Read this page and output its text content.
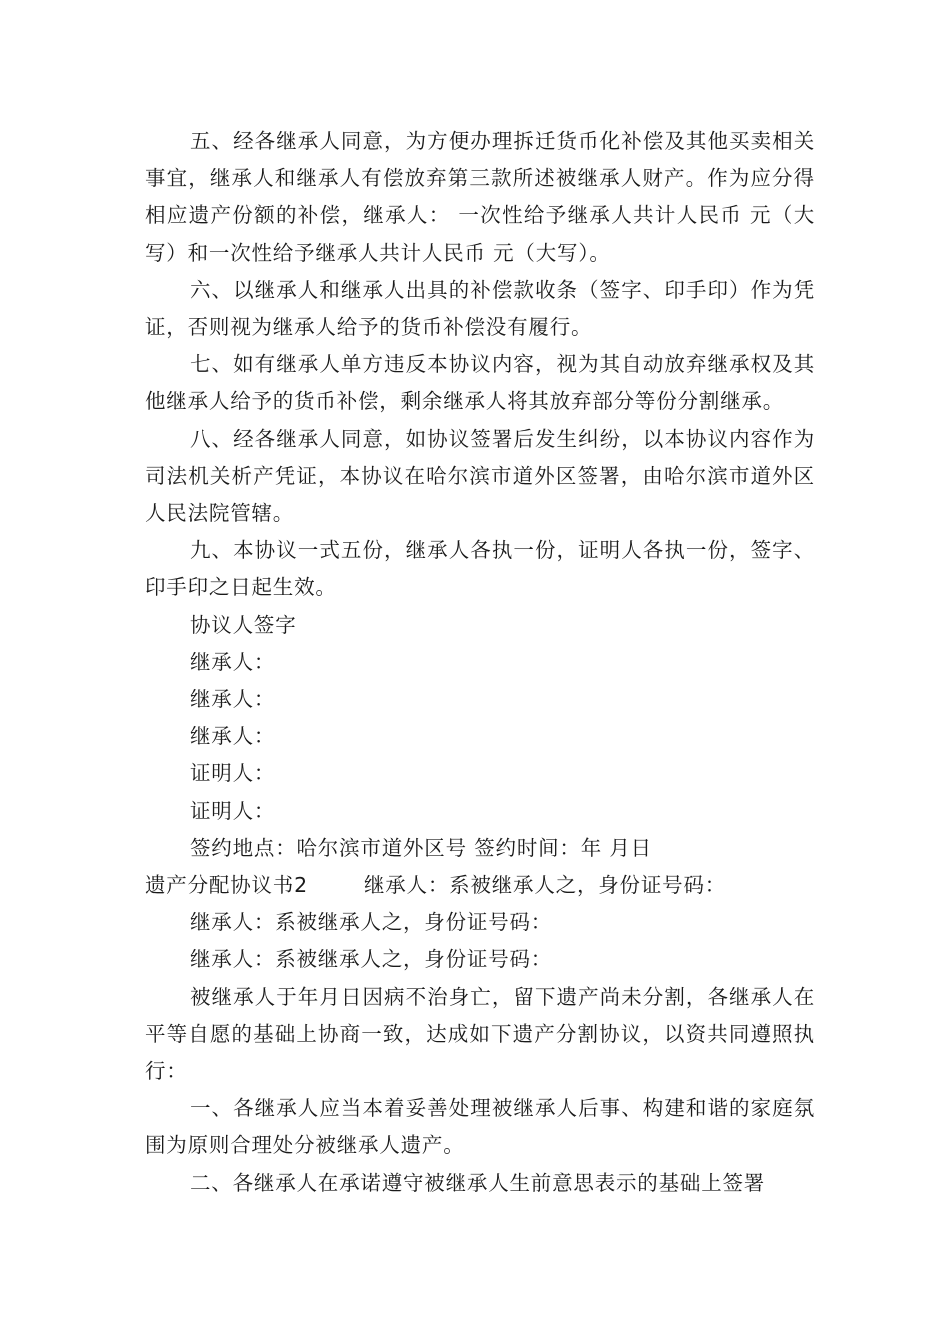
五、经各继承人同意，为方便办理拆迁货币化补偿及其他买卖相关事宜，继承人和继承人有偿放弃第三款所述被继承人财产。作为应分得相应遗产份额的补偿，继承人： 一次性给予继承人共计人民币 元（大写）和一次性给予继承人共计人民币 元（大写）。

六、以继承人和继承人出具的补偿款收条（签字、印手印）作为凭证，否则视为继承人给予的货币补偿没有履行。

七、如有继承人单方违反本协议内容，视为其自动放弃继承权及其他继承人给予的货币补偿，剩余继承人将其放弃部分等份分割继承。

八、经各继承人同意，如协议签署后发生纠纷，以本协议内容作为司法机关析产凭证，本协议在哈尔滨市道外区签署，由哈尔滨市道外区人民法院管辖。

九、本协议一式五份，继承人各执一份，证明人各执一份，签字、印手印之日起生效。

协议人签字

继承人：

继承人：

继承人：

证明人：

证明人：

签约地点：哈尔滨市道外区号 签约时间：年 月日

遗产分配协议书2	继承人：系被继承人之，身份证号码：

继承人：系被继承人之，身份证号码：

继承人：系被继承人之，身份证号码：

被继承人于年月日因病不治身亡，留下遗产尚未分割，各继承人在平等自愿的基础上协商一致，达成如下遗产分割协议，以资共同遵照执行：

一、各继承人应当本着妥善处理被继承人后事、构建和谐的家庭氛围为原则合理处分被继承人遗产。

二、各继承人在承诺遵守被继承人生前意思表示的基础上签署
